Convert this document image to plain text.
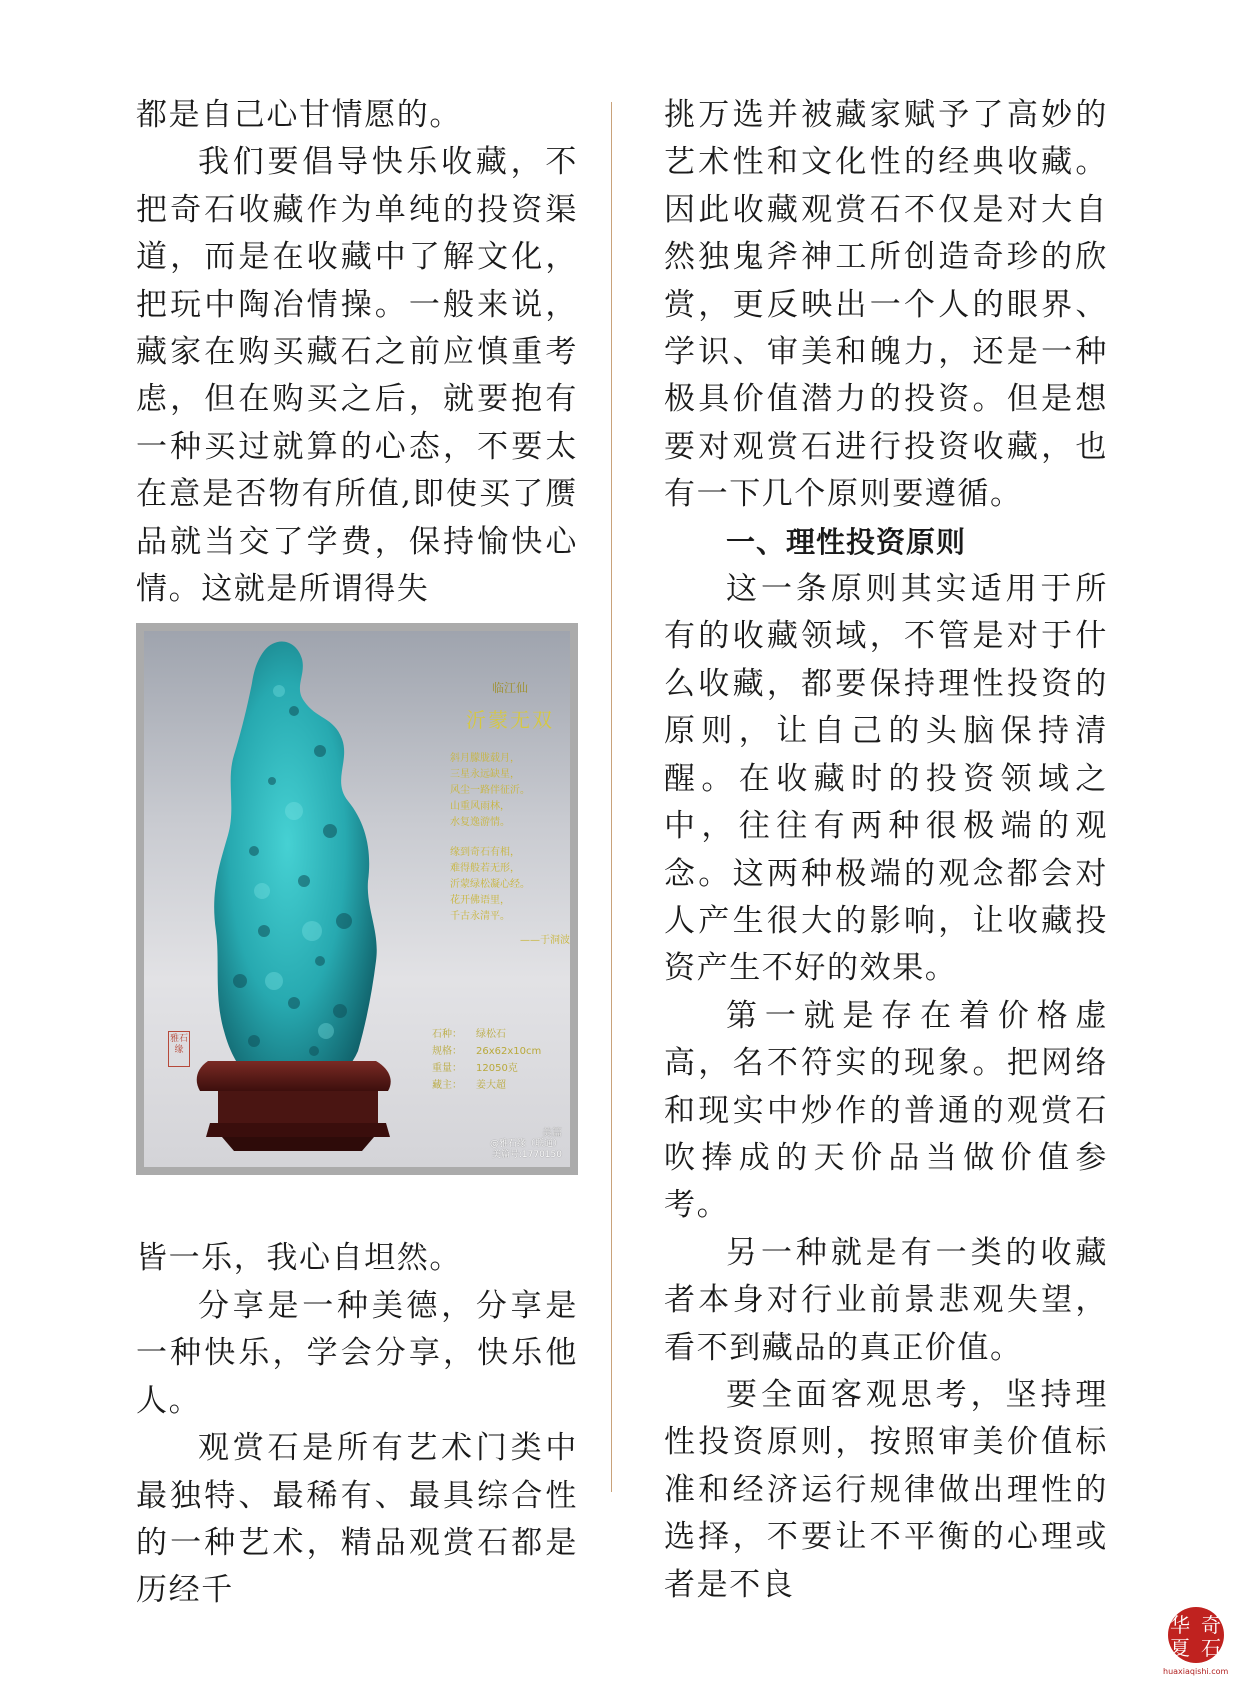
都是自己心甘情愿的。

我们要倡导快乐收藏，不把奇石收藏作为单纯的投资渠道，而是在收藏中了解文化，把玩中陶冶情操。一般来说，藏家在购买藏石之前应慎重考虑，但在购买之后，就要抱有一种买过就算的心态，不要太在意是否物有所值,即使买了赝品就当交了学费，保持愉快心情。这就是所谓得失

临江仙
沂蒙无双
斜月朦胧载月，
三星永远缺星，
风尘一路伴征沂。
山重风雨林，
水复逸游情。
缘到奇石有相，
难得般若无形，
沂蒙绿松凝心经。
花开佛语里，
千古永清平。
——于洞波
石种： 绿松石
规格： 26x62x10cm
重量： 12050克
藏主： 姜大超
雅石缘
美篇
@雅石缘（联通）
美篇号:1770150

皆一乐，我心自坦然。

分享是一种美德，分享是一种快乐，学会分享，快乐他人。

观赏石是所有艺术门类中最独特、最稀有、最具综合性的一种艺术，精品观赏石都是历经千

挑万选并被藏家赋予了高妙的艺术性和文化性的经典收藏。因此收藏观赏石不仅是对大自然独鬼斧神工所创造奇珍的欣赏，更反映出一个人的眼界、学识、审美和魄力，还是一种极具价值潜力的投资。但是想要对观赏石进行投资收藏，也有一下几个原则要遵循。

一、理性投资原则

这一条原则其实适用于所有的收藏领域，不管是对于什么收藏，都要保持理性投资的原则，让自己的头脑保持清醒。在收藏时的投资领域之中，往往有两种很极端的观念。这两种极端的观念都会对人产生很大的影响，让收藏投资产生不好的效果。

第一就是存在着价格虚高，名不符实的现象。把网络和现实中炒作的普通的观赏石吹捧成的天价品当做价值参考。

另一种就是有一类的收藏者本身对行业前景悲观失望，看不到藏品的真正价值。

要全面客观思考，坚持理性投资原则，按照审美价值标准和经济运行规律做出理性的选择，不要让不平衡的心理或者是不良

华 奇
夏 石
huaxiaqishi.com
